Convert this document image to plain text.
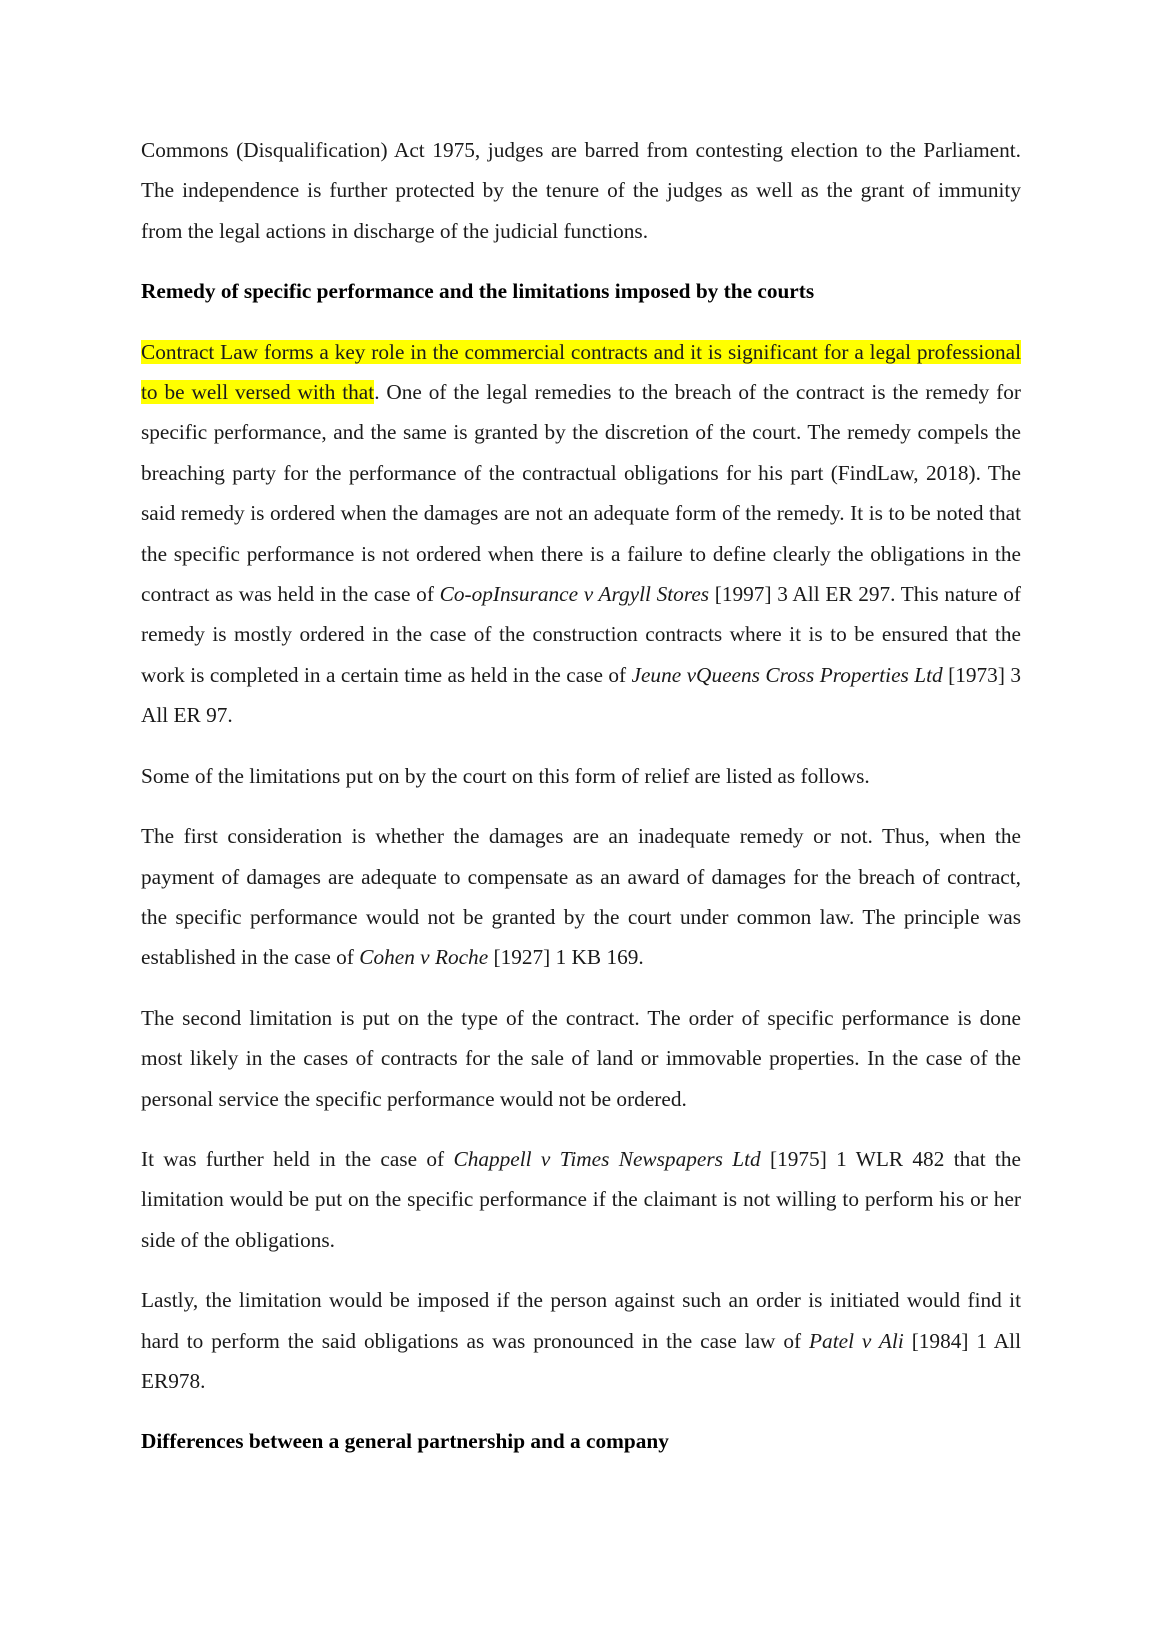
Commons (Disqualification) Act 1975, judges are barred from contesting election to the Parliament. The independence is further protected by the tenure of the judges as well as the grant of immunity from the legal actions in discharge of the judicial functions.

Remedy of specific performance and the limitations imposed by the courts

Contract Law forms a key role in the commercial contracts and it is significant for a legal professional to be well versed with that. One of the legal remedies to the breach of the contract is the remedy for specific performance, and the same is granted by the discretion of the court. The remedy compels the breaching party for the performance of the contractual obligations for his part (FindLaw, 2018). The said remedy is ordered when the damages are not an adequate form of the remedy. It is to be noted that the specific performance is not ordered when there is a failure to define clearly the obligations in the contract as was held in the case of Co-opInsurance v Argyll Stores [1997] 3 All ER 297. This nature of remedy is mostly ordered in the case of the construction contracts where it is to be ensured that the work is completed in a certain time as held in the case of Jeune vQueens Cross Properties Ltd [1973] 3 All ER 97.

Some of the limitations put on by the court on this form of relief are listed as follows.

The first consideration is whether the damages are an inadequate remedy or not. Thus, when the payment of damages are adequate to compensate as an award of damages for the breach of contract, the specific performance would not be granted by the court under common law. The principle was established in the case of Cohen v Roche [1927] 1 KB 169.

The second limitation is put on the type of the contract. The order of specific performance is done most likely in the cases of contracts for the sale of land or immovable properties. In the case of the personal service the specific performance would not be ordered.

It was further held in the case of Chappell v Times Newspapers Ltd [1975] 1 WLR 482 that the limitation would be put on the specific performance if the claimant is not willing to perform his or her side of the obligations.

Lastly, the limitation would be imposed if the person against such an order is initiated would find it hard to perform the said obligations as was pronounced in the case law of Patel v Ali [1984] 1 All ER978.

Differences between a general partnership and a company
